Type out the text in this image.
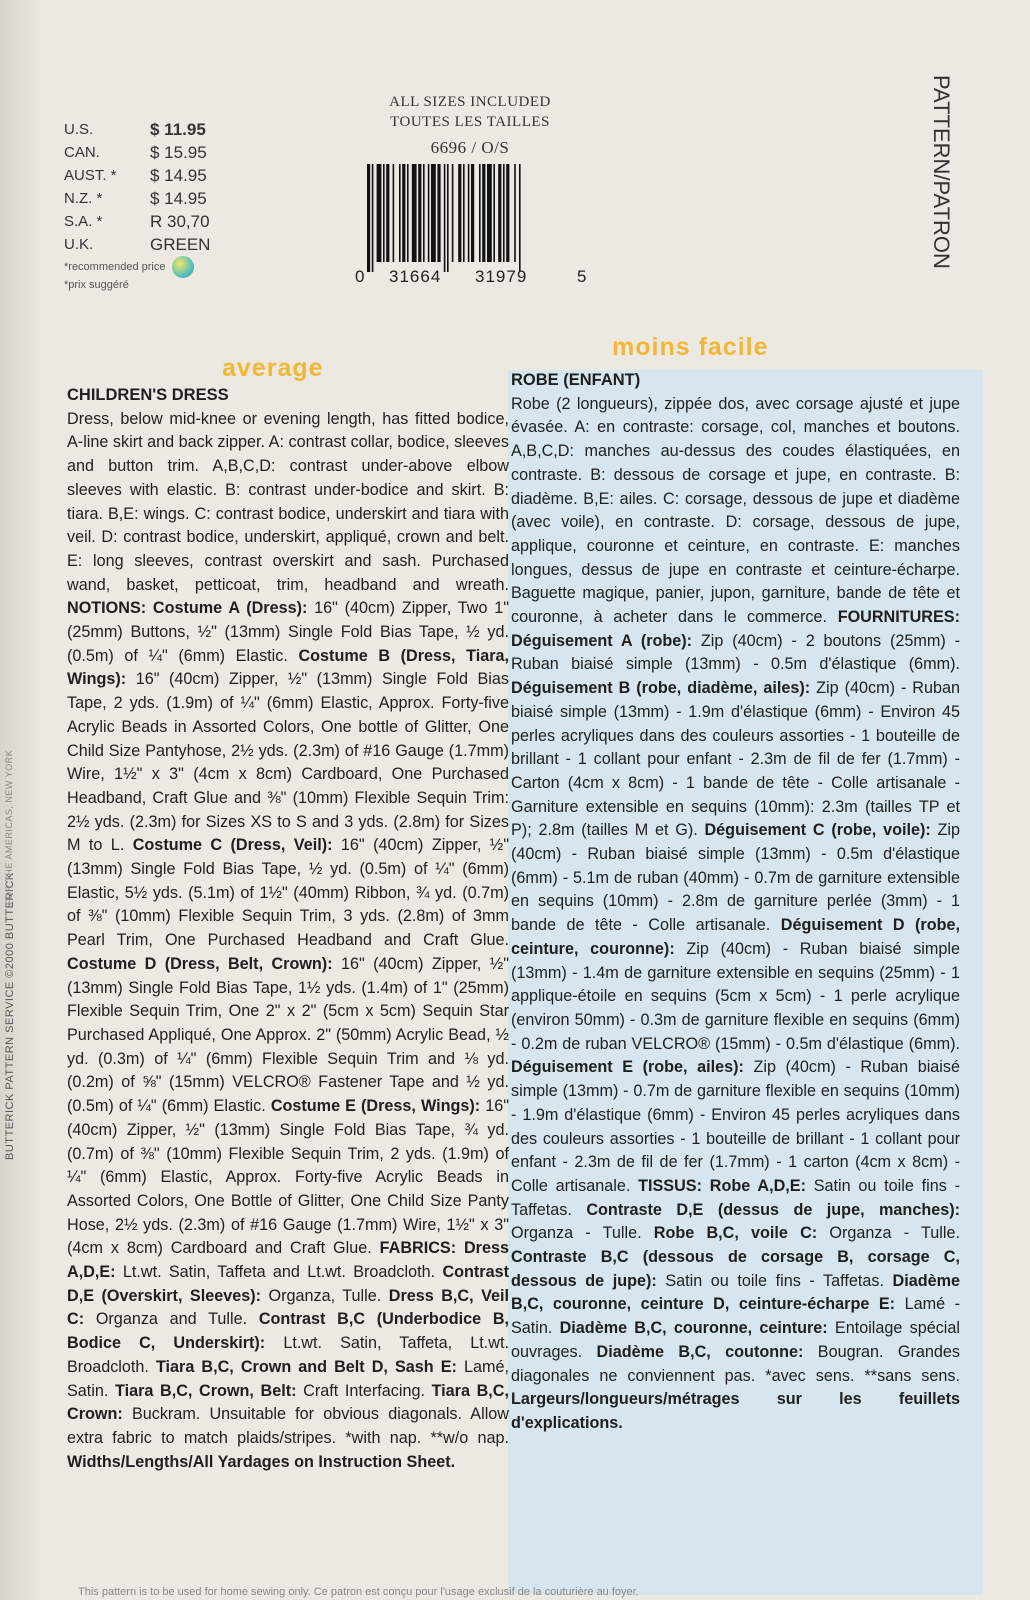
BUTTERICK PATTERN SERVICE ©2000 BUTTERICK
FOR THE AMERICAS, NEW YORK
U.S.	$ 11.95
CAN.	$ 15.95
AUST. *	$ 14.95
N.Z. *	$ 14.95
S.A. *	R 30,70
U.K.	GREEN
*recommended price
*prix suggéré
ALL SIZES INCLUDED
TOUTES LES TAILLES
6696 / O/S
0 31664 31979	5
PATTERN/PATRON
average
moins facile
CHILDREN'S DRESS
Dress, below mid-knee or evening length, has fitted bodice, A-line skirt and back zipper. A: contrast collar, bodice, sleeves and button trim. A,B,C,D: contrast under-above elbow sleeves with elastic. B: contrast under-bodice and skirt. B: tiara. B,E: wings. C: contrast bodice, underskirt and tiara with veil. D: contrast bodice, underskirt, appliqué, crown and belt. E: long sleeves, contrast overskirt and sash. Purchased wand, basket, petticoat, trim, headband and wreath. NOTIONS: Costume A (Dress): 16" (40cm) Zipper, Two 1" (25mm) Buttons, ½" (13mm) Single Fold Bias Tape, ½ yd. (0.5m) of ¼" (6mm) Elastic. Costume B (Dress, Tiara, Wings): 16" (40cm) Zipper, ½" (13mm) Single Fold Bias Tape, 2 yds. (1.9m) of ¼" (6mm) Elastic, Approx. Forty-five Acrylic Beads in Assorted Colors, One bottle of Glitter, One Child Size Pantyhose, 2½ yds. (2.3m) of #16 Gauge (1.7mm) Wire, 1½" x 3" (4cm x 8cm) Cardboard, One Purchased Headband, Craft Glue and ⅜" (10mm) Flexible Sequin Trim: 2½ yds. (2.3m) for Sizes XS to S and 3 yds. (2.8m) for Sizes M to L. Costume C (Dress, Veil): 16" (40cm) Zipper, ½" (13mm) Single Fold Bias Tape, ½ yd. (0.5m) of ¼" (6mm) Elastic, 5½ yds. (5.1m) of 1½" (40mm) Ribbon, ¾ yd. (0.7m) of ⅜" (10mm) Flexible Sequin Trim, 3 yds. (2.8m) of 3mm Pearl Trim, One Purchased Headband and Craft Glue. Costume D (Dress, Belt, Crown): 16" (40cm) Zipper, ½" (13mm) Single Fold Bias Tape, 1½ yds. (1.4m) of 1" (25mm) Flexible Sequin Trim, One 2" x 2" (5cm x 5cm) Sequin Star Purchased Appliqué, One Approx. 2" (50mm) Acrylic Bead, ½ yd. (0.3m) of ¼" (6mm) Flexible Sequin Trim and ⅛ yd. (0.2m) of ⅝" (15mm) VELCRO® Fastener Tape and ½ yd. (0.5m) of ¼" (6mm) Elastic. Costume E (Dress, Wings): 16" (40cm) Zipper, ½" (13mm) Single Fold Bias Tape, ¾ yd. (0.7m) of ⅜" (10mm) Flexible Sequin Trim, 2 yds. (1.9m) of ¼" (6mm) Elastic, Approx. Forty-five Acrylic Beads in Assorted Colors, One Bottle of Glitter, One Child Size Panty Hose, 2½ yds. (2.3m) of #16 Gauge (1.7mm) Wire, 1½" x 3" (4cm x 8cm) Cardboard and Craft Glue. FABRICS: Dress A,D,E: Lt.wt. Satin, Taffeta and Lt.wt. Broadcloth. Contrast D,E (Overskirt, Sleeves): Organza, Tulle. Dress B,C, Veil C: Organza and Tulle. Contrast B,C (Underbodice B, Bodice C, Underskirt): Lt.wt. Satin, Taffeta, Lt.wt. Broadcloth. Tiara B,C, Crown and Belt D, Sash E: Lamé, Satin. Tiara B,C, Crown, Belt: Craft Interfacing. Tiara B,C, Crown: Buckram. Unsuitable for obvious diagonals. Allow extra fabric to match plaids/stripes. *with nap. **w/o nap. Widths/Lengths/All Yardages on Instruction Sheet.
ROBE (ENFANT)
Robe (2 longueurs), zippée dos, avec corsage ajusté et jupe évasée. A: en contraste: corsage, col, manches et boutons. A,B,C,D: manches au-dessus des coudes élastiquées, en contraste. B: dessous de corsage et jupe, en contraste. B: diadème. B,E: ailes. C: corsage, dessous de jupe et diadème (avec voile), en contraste. D: corsage, dessous de jupe, applique, couronne et ceinture, en contraste. E: manches longues, dessus de jupe en contraste et ceinture-écharpe. Baguette magique, panier, jupon, garniture, bande de tête et couronne, à acheter dans le commerce. FOURNITURES: Déguisement A (robe): Zip (40cm) - 2 boutons (25mm) - Ruban biaisé simple (13mm) - 0.5m d'élastique (6mm). Déguisement B (robe, diadème, ailes): Zip (40cm) - Ruban biaisé simple (13mm) - 1.9m d'élastique (6mm) - Environ 45 perles acryliques dans des couleurs assorties - 1 bouteille de brillant - 1 collant pour enfant - 2.3m de fil de fer (1.7mm) - Carton (4cm x 8cm) - 1 bande de tête - Colle artisanale - Garniture extensible en sequins (10mm): 2.3m (tailles TP et P); 2.8m (tailles M et G). Déguisement C (robe, voile): Zip (40cm) - Ruban biaisé simple (13mm) - 0.5m d'élastique (6mm) - 5.1m de ruban (40mm) - 0.7m de garniture extensible en sequins (10mm) - 2.8m de garniture perlée (3mm) - 1 bande de tête - Colle artisanale. Déguisement D (robe, ceinture, couronne): Zip (40cm) - Ruban biaisé simple (13mm) - 1.4m de garniture extensible en sequins (25mm) - 1 applique-étoile en sequins (5cm x 5cm) - 1 perle acrylique (environ 50mm) - 0.3m de garniture flexible en sequins (6mm) - 0.2m de ruban VELCRO® (15mm) - 0.5m d'élastique (6mm). Déguisement E (robe, ailes): Zip (40cm) - Ruban biaisé simple (13mm) - 0.7m de garniture flexible en sequins (10mm) - 1.9m d'élastique (6mm) - Environ 45 perles acryliques dans des couleurs assorties - 1 bouteille de brillant - 1 collant pour enfant - 2.3m de fil de fer (1.7mm) - 1 carton (4cm x 8cm) - Colle artisanale. TISSUS: Robe A,D,E: Satin ou toile fins - Taffetas. Contraste D,E (dessus de jupe, manches): Organza - Tulle. Robe B,C, voile C: Organza - Tulle. Contraste B,C (dessous de corsage B, corsage C, dessous de jupe): Satin ou toile fins - Taffetas. Diadème B,C, couronne, ceinture D, ceinture-écharpe E: Lamé - Satin. Diadème B,C, couronne, ceinture: Entoilage spécial ouvrages. Diadème B,C, coutonne: Bougran. Grandes diagonales ne conviennent pas. *avec sens. **sans sens. Largeurs/longueurs/métrages sur les feuillets d'explications.
This pattern is to be used for home sewing only. Ce patron est conçu pour l'usage exclusif de la couturière au foyer.
